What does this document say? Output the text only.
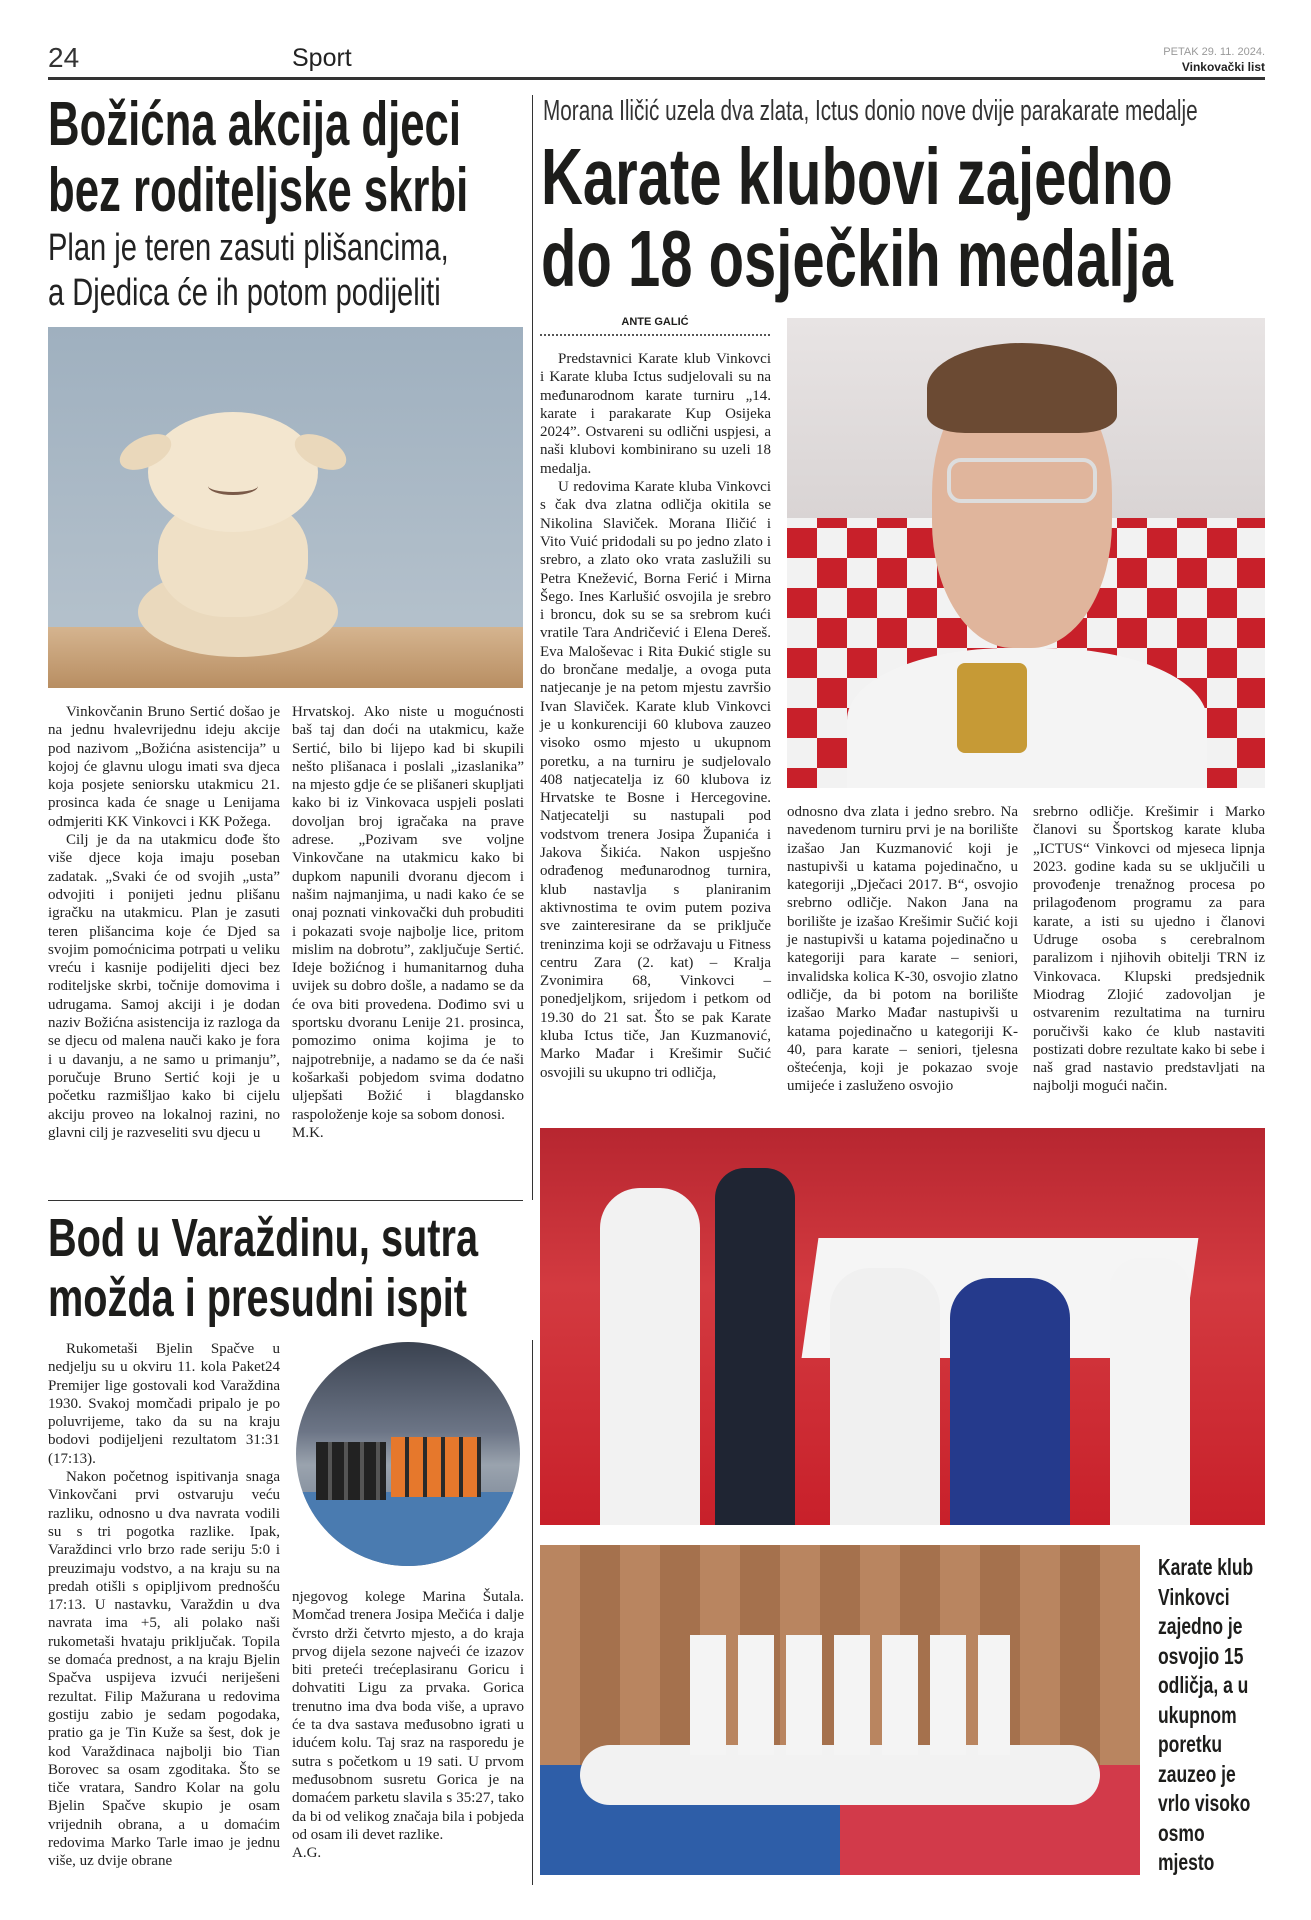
24	Sport	PETAK 29. 11. 2024.
Vinkovački list
Božićna akcija djeci
bez roditeljske skrbi
Plan je teren zasuti plišancima,
a Djedica će ih potom podijeliti

Vinkovčanin Bruno Sertić došao je na jednu hvalevrijednu ideju akcije pod nazivom „Božićna asistencija” u kojoj će glavnu ulogu imati sva djeca koja posjete seniorsku utakmicu 21. prosinca kada će snage u Lenijama odmjeriti KK Vinkovci i KK Požega.

Cilj je da na utakmicu dođe što više djece koja imaju poseban zadatak. „Svaki će od svojih „usta” odvojiti i ponijeti jednu plišanu igračku na utakmicu. Plan je zasuti teren plišancima koje će Djed sa svojim pomoćnicima potrpati u veliku vreću i kasnije podijeliti djeci bez roditeljske skrbi, točnije domovima i udrugama. Samoj akciji i je dodan naziv Božićna asistencija iz razloga da se djecu od malena nauči kako je fora i u davanju, a ne samo u primanju”, poručuje Bruno Sertić koji je u početku razmišljao kako bi cijelu akciju proveo na lokalnoj razini, no glavni cilj je razveseliti svu djecu u

Hrvatskoj. Ako niste u mogućnosti baš taj dan doći na utakmicu, kaže Sertić, bilo bi lijepo kad bi skupili nešto plišanaca i poslali „izaslanika” na mjesto gdje će se plišaneri skupljati kako bi iz Vinkovaca uspjeli poslati dovoljan broj igračaka na prave adrese. „Pozivam sve voljne Vinkovčane na utakmicu kako bi dupkom napunili dvoranu djecom i našim najmanjima, u nadi kako će se onaj poznati vinkovački duh probuditi i pokazati svoje najbolje lice, pritom mislim na dobrotu”, zaključuje Sertić. Ideje božićnog i humanitarnog duha uvijek su dobro došle, a nadamo se da će ova biti provedena. Dođimo svi u sportsku dvoranu Lenije 21. prosinca, pomozimo onima kojima je to najpotrebnije, a nadamo se da će naši košarkaši pobjedom svima dodatno uljepšati Božić i blagdansko raspoloženje koje sa sobom donosi.

M.K.

Bod u Varaždinu, sutra
možda i presudni ispit

Rukometaši Bjelin Spačve u nedjelju su u okviru 11. kola Paket24 Premijer lige gostovali kod Varaždina 1930. Svakoj momčadi pripalo je po poluvrijeme, tako da su na kraju bodovi podijeljeni rezultatom 31:31 (17:13).

Nakon početnog ispitivanja snaga Vinkovčani prvi ostvaruju veću razliku, odnosno u dva navrata vodili su s tri pogotka razlike. Ipak, Varaždinci vrlo brzo rade seriju 5:0 i preuzimaju vodstvo, a na kraju su na predah otišli s opipljivom prednošću 17:13. U nastavku, Varaždin u dva navrata ima +5, ali polako naši rukometaši hvataju priključak. Topila se domaća prednost, a na kraju Bjelin Spačva uspijeva izvući neriješeni rezultat. Filip Mažurana u redovima gostiju zabio je sedam pogodaka, pratio ga je Tin Kuže sa šest, dok je kod Varaždinaca najbolji bio Tian Borovec sa osam zgoditaka. Što se tiče vratara, Sandro Kolar na golu Bjelin Spačve skupio je osam vrijednih obrana, a u domaćim redovima Marko Tarle imao je jednu više, uz dvije obrane

njegovog kolege Marina Šutala. Momčad trenera Josipa Mečića i dalje čvrsto drži četvrto mjesto, a do kraja prvog dijela sezone najveći će izazov biti preteći trećeplasiranu Goricu i dohvatiti Ligu za prvaka. Gorica trenutno ima dva boda više, a upravo će ta dva sastava međusobno igrati u idućem kolu. Taj sraz na rasporedu je sutra s početkom u 19 sati. U prvom međusobnom susretu Gorica je na domaćem parketu slavila s 35:27, tako da bi od velikog značaja bila i pobjeda od osam ili devet razlike.

A.G.

Morana Iličić uzela dva zlata, Ictus donio nove dvije parakarate medalje
Karate klubovi zajedno
do 18 osječkih medalja
ANTE GALIĆ

Predstavnici Karate klub Vinkovci i Karate kluba Ictus sudjelovali su na međunarodnom karate turniru „14. karate i parakarate Kup Osijeka 2024”. Ostvareni su odlični uspjesi, a naši klubovi kombinirano su uzeli 18 medalja.

U redovima Karate kluba Vinkovci s čak dva zlatna odličja okitila se Nikolina Slaviček. Morana Iličić i Vito Vuić pridodali su po jedno zlato i srebro, a zlato oko vrata zaslužili su Petra Knežević, Borna Ferić i Mirna Šego. Ines Karlušić osvojila je srebro i broncu, dok su se sa srebrom kući vratile Tara Andričević i Elena Dereš. Eva Maloševac i Rita Đukić stigle su do brončane medalje, a ovoga puta natjecanje je na petom mjestu završio Ivan Slaviček. Karate klub Vinkovci je u konkurenciji 60 klubova zauzeo visoko osmo mjesto u ukupnom poretku, a na turniru je sudjelovalo 408 natjecatelja iz 60 klubova iz Hrvatske te Bosne i Hercegovine. Natjecatelji su nastupali pod vodstvom trenera Josipa Županića i Jakova Šikića. Nakon uspješno odrađenog međunarodnog turnira, klub nastavlja s planiranim aktivnostima te ovim putem poziva sve zainteresirane da se priključe treninzima koji se održavaju u Fitness centru Zara (2. kat) – Kralja Zvonimira 68, Vinkovci – ponedjeljkom, srijedom i petkom od 19.30 do 21 sat. Što se pak Karate kluba Ictus tiče, Jan Kuzmanović, Marko Mađar i Krešimir Sučić osvojili su ukupno tri odličja,

odnosno dva zlata i jedno srebro. Na navedenom turniru prvi je na borilište izašao Jan Kuzmanović koji je nastupivši u katama pojedinačno, u kategoriji „Dječaci 2017. B“, osvojio srebrno odličje. Nakon Jana na borilište je izašao Krešimir Sučić koji je nastupivši u katama pojedinačno u kategoriji para karate – seniori, invalidska kolica K-30, osvojio zlatno odličje, da bi potom na borilište izašao Marko Mađar nastupivši u katama pojedinačno u kategoriji K-40, para karate – seniori, tjelesna oštećenja, koji je pokazao svoje umijeće i zasluženo osvojio

srebrno odličje. Krešimir i Marko članovi su Športskog karate kluba „ICTUS“ Vinkovci od mjeseca lipnja 2023. godine kada su se uključili u provođenje trenažnog procesa po prilagođenom programu za para karate, a isti su ujedno i članovi Udruge osoba s cerebralnom paralizom i njihovih obitelji TRN iz Vinkovaca. Klupski predsjednik Miodrag Zlojić zadovoljan je ostvarenim rezultatima na turniru poručivši kako će klub nastaviti postizati dobre rezultate kako bi sebe i naš grad nastavio predstavljati na najbolji mogući način.

Karate klub
Vinkovci
zajedno je
osvojio 15
odličja, a u
ukupnom
poretku
zauzeo je
vrlo visoko
osmo
mjesto
